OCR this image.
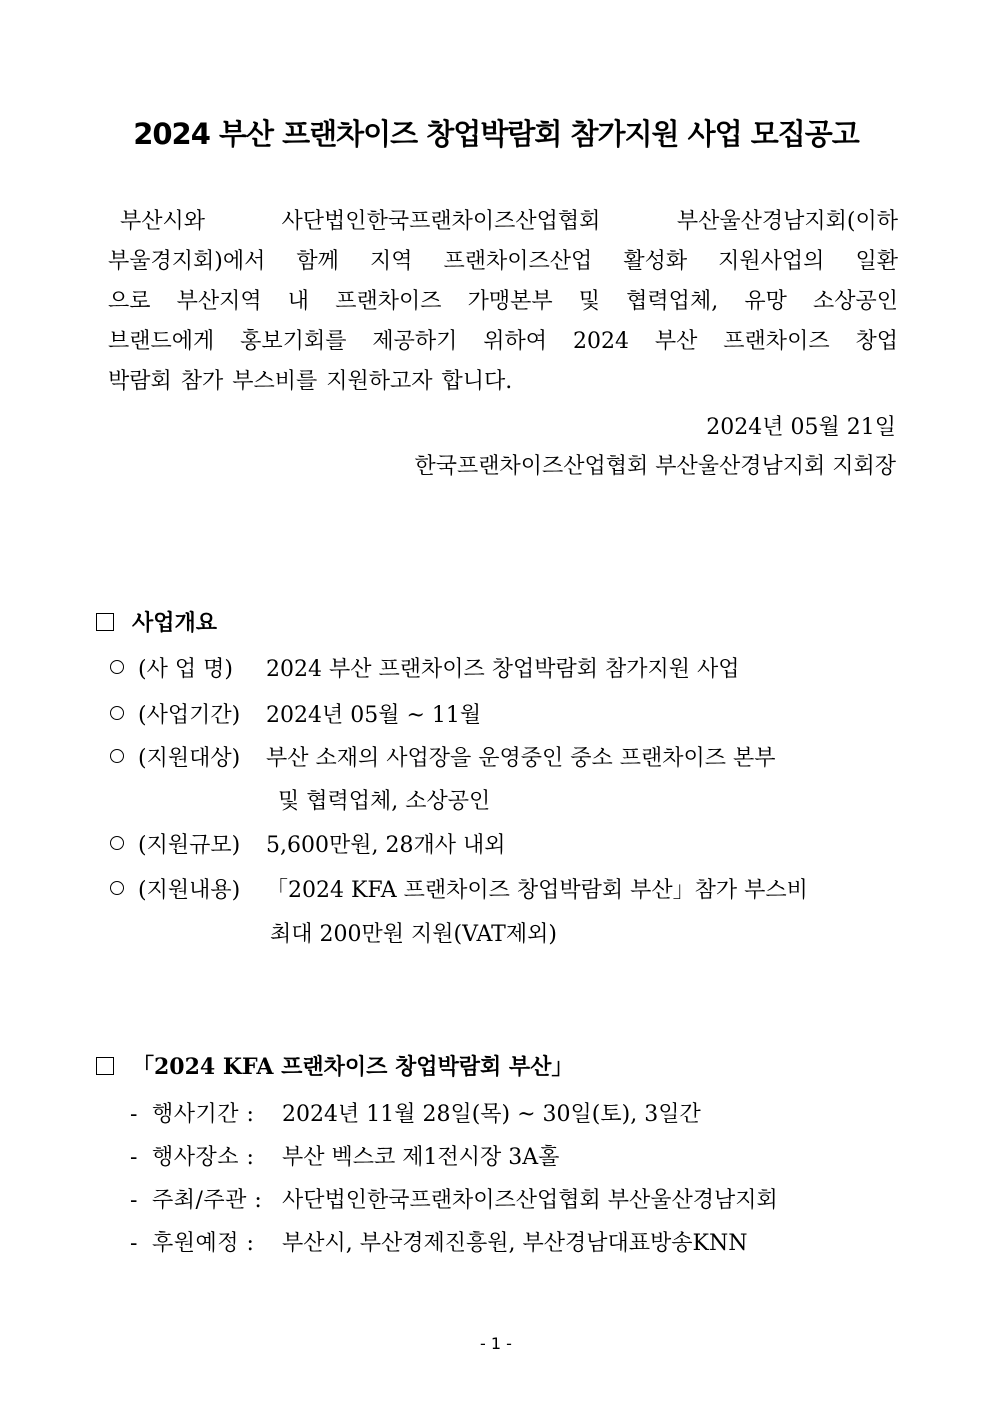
2024 부산 프랜차이즈 창업박람회 참가지원 사업 모집공고
부산시와 사단법인한국프랜차이즈산업협회 부산울산경남지회(이하
부울경지회)에서 함께 지역 프랜차이즈산업 활성화 지원사업의 일환
으로 부산지역 내 프랜차이즈 가맹본부 및 협력업체, 유망 소상공인
브랜드에게 홍보기회를 제공하기 위하여 2024 부산 프랜차이즈 창업
박람회 참가 부스비를 지원하고자 합니다.
2024년 05월 21일
한국프랜차이즈산업협회 부산울산경남지회 지회장
사업개요
(사 업 명) 2024 부산 프랜차이즈 창업박람회 참가지원 사업
(사업기간) 2024년 05월 ~ 11월
(지원대상) 부산 소재의 사업장을 운영중인 중소 프랜차이즈 본부
및 협력업체, 소상공인
(지원규모) 5,600만원, 28개사 내외
(지원내용) 「2024 KFA 프랜차이즈 창업박람회 부산」참가 부스비
최대 200만원 지원(VAT제외)
「2024 KFA 프랜차이즈 창업박람회 부산」
- 행사기간 : 2024년 11월 28일(목) ~ 30일(토), 3일간
- 행사장소 : 부산 벡스코 제1전시장 3A홀
- 주최/주관 : 사단법인한국프랜차이즈산업협회 부산울산경남지회
- 후원예정 : 부산시, 부산경제진흥원, 부산경남대표방송KNN
- 1 -
